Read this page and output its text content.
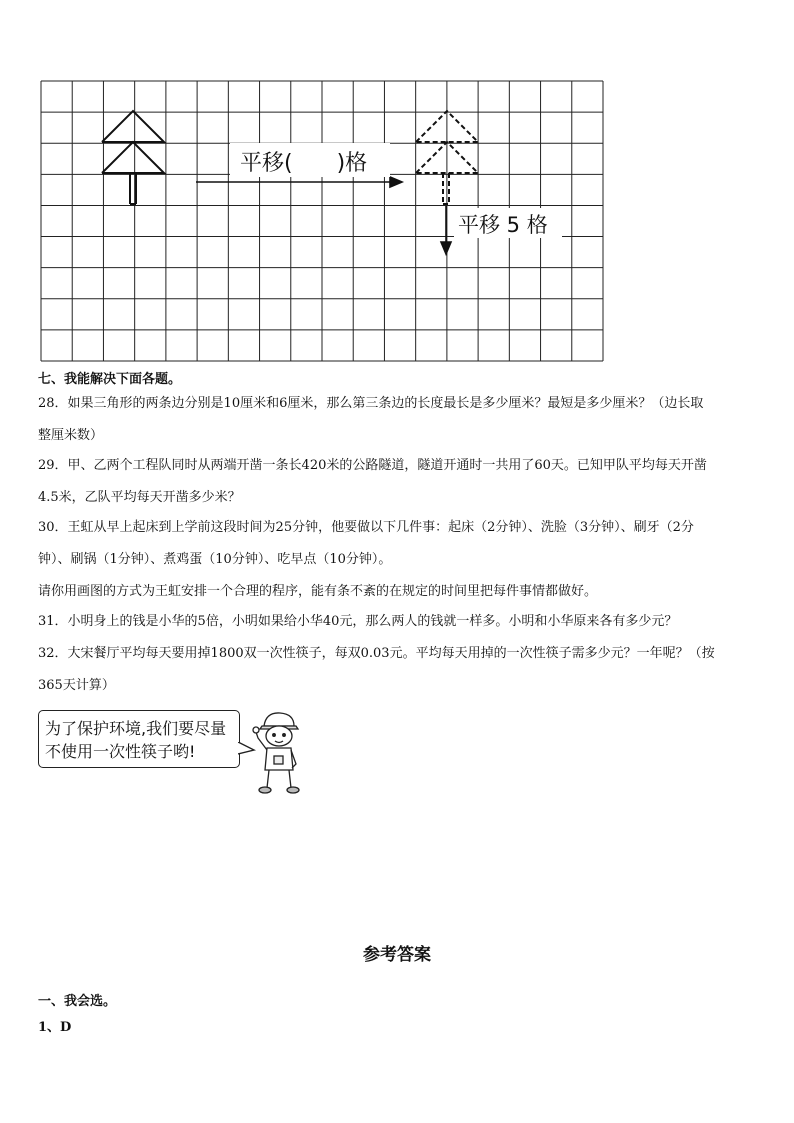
平移(　　)格
平移 5 格
七、我能解决下面各题。
28．如果三角形的两条边分别是10厘米和6厘米，那么第三条边的长度最长是多少厘米？最短是多少厘米？（边长取
整厘米数）
29．甲、乙两个工程队同时从两端开凿一条长420米的公路隧道，隧道开通时一共用了60天。已知甲队平均每天开凿
4.5米，乙队平均每天开凿多少米？
30．王虹从早上起床到上学前这段时间为25分钟，他要做以下几件事：起床（2分钟）、洗脸（3分钟）、刷牙（2分
钟）、刷锅（1分钟）、煮鸡蛋（10分钟）、吃早点（10分钟）。
请你用画图的方式为王虹安排一个合理的程序，能有条不紊的在规定的时间里把每件事情都做好。
31．小明身上的钱是小华的5倍，小明如果给小华40元，那么两人的钱就一样多。小明和小华原来各有多少元？
32．大宋餐厅平均每天要用掉1800双一次性筷子，每双0.03元。平均每天用掉的一次性筷子需多少元？一年呢？（按
365天计算）
为了保护环境,我们要尽量
不使用一次性筷子哟!
参考答案
一、我会选。
1、D
